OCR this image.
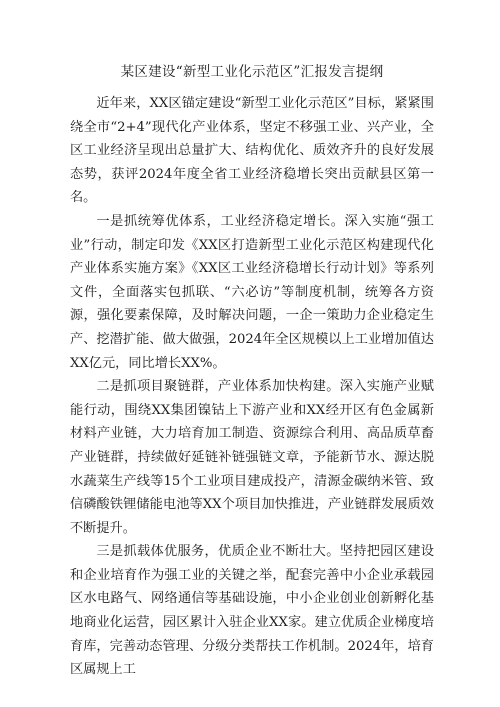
某区建设“新型工业化示范区”汇报发言提纲

近年来，XX区锚定建设“新型工业化示范区”目标，紧紧围绕全市“2+4”现代化产业体系，坚定不移强工业、兴产业，全区工业经济呈现出总量扩大、结构优化、质效齐升的良好发展态势，获评2024年度全省工业经济稳增长突出贡献县区第一名。

一是抓统筹优体系，工业经济稳定增长。深入实施“强工业”行动，制定印发《XX区打造新型工业化示范区构建现代化产业体系实施方案》《XX区工业经济稳增长行动计划》等系列文件，全面落实包抓联、“六必访”等制度机制，统筹各方资源，强化要素保障，及时解决问题，一企一策助力企业稳定生产、挖潜扩能、做大做强，2024年全区规模以上工业增加值达XX亿元，同比增长XX%。

二是抓项目聚链群，产业体系加快构建。深入实施产业赋能行动，围绕XX集团镍钴上下游产业和XX经开区有色金属新材料产业链，大力培育加工制造、资源综合利用、高品质草畜产业链群，持续做好延链补链强链文章，予能新节水、源达脱水蔬菜生产线等15个工业项目建成投产，清源金碳纳米管、致信磷酸铁锂储能电池等XX个项目加快推进，产业链群发展质效不断提升。

三是抓载体优服务，优质企业不断壮大。坚持把园区建设和企业培育作为强工业的关键之举，配套完善中小企业承载园区水电路气、网络通信等基础设施，中小企业创业创新孵化基地商业化运营，园区累计入驻企业XX家。建立优质企业梯度培育库，完善动态管理、分级分类帮扶工作机制。2024年，培育区属规上工
